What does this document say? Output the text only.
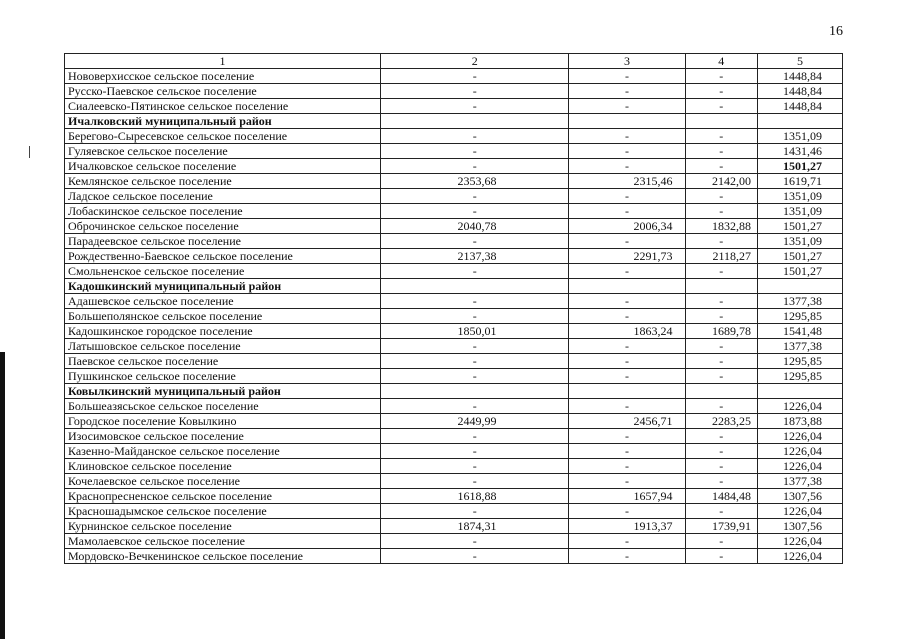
16
1	2	3	4	5
Нововерхисское сельское поселение	-	-	-	1448,84
Русско-Паевское сельское поселение	-	-	-	1448,84
Сиалеевско-Пятинское сельское поселение	-	-	-	1448,84
Ичалковский муниципальный район				
Берегово-Сыресевское сельское поселение	-	-	-	1351,09
Гуляевское сельское поселение	-	-	-	1431,46
Ичалковское сельское поселение	-	-	-	1501,27
Кемлянское сельское поселение	2353,68	2315,46	2142,00	1619,71
Ладское сельское поселение	-	-	-	1351,09
Лобаскинское сельское поселение	-	-	-	1351,09
Оброчинское сельское поселение	2040,78	2006,34	1832,88	1501,27
Парадеевское сельское поселение	-	-	-	1351,09
Рождественно-Баевское сельское поселение	2137,38	2291,73	2118,27	1501,27
Смольненское сельское поселение	-	-	-	1501,27
Кадошкинский муниципальный район				
Адашевское сельское поселение	-	-	-	1377,38
Большеполянское сельское поселение	-	-	-	1295,85
Кадошкинское городское поселение	1850,01	1863,24	1689,78	1541,48
Латышовское сельское поселение	-	-	-	1377,38
Паевское сельское поселение	-	-	-	1295,85
Пушкинское сельское поселение	-	-	-	1295,85
Ковылкинский муниципальный район				
Большеазясьское сельское поселение	-	-	-	1226,04
Городское поселение Ковылкино	2449,99	2456,71	2283,25	1873,88
Изосимовское сельское поселение	-	-	-	1226,04
Казенно-Майданское сельское поселение	-	-	-	1226,04
Клиновское сельское поселение	-	-	-	1226,04
Кочелаевское сельское поселение	-	-	-	1377,38
Краснопресненское сельское поселение	1618,88	1657,94	1484,48	1307,56
Красношадымское сельское поселение	-	-	-	1226,04
Курнинское сельское поселение	1874,31	1913,37	1739,91	1307,56
Мамолаевское сельское поселение	-	-	-	1226,04
Мордовско-Вечкенинское сельское поселение	-	-	-	1226,04
